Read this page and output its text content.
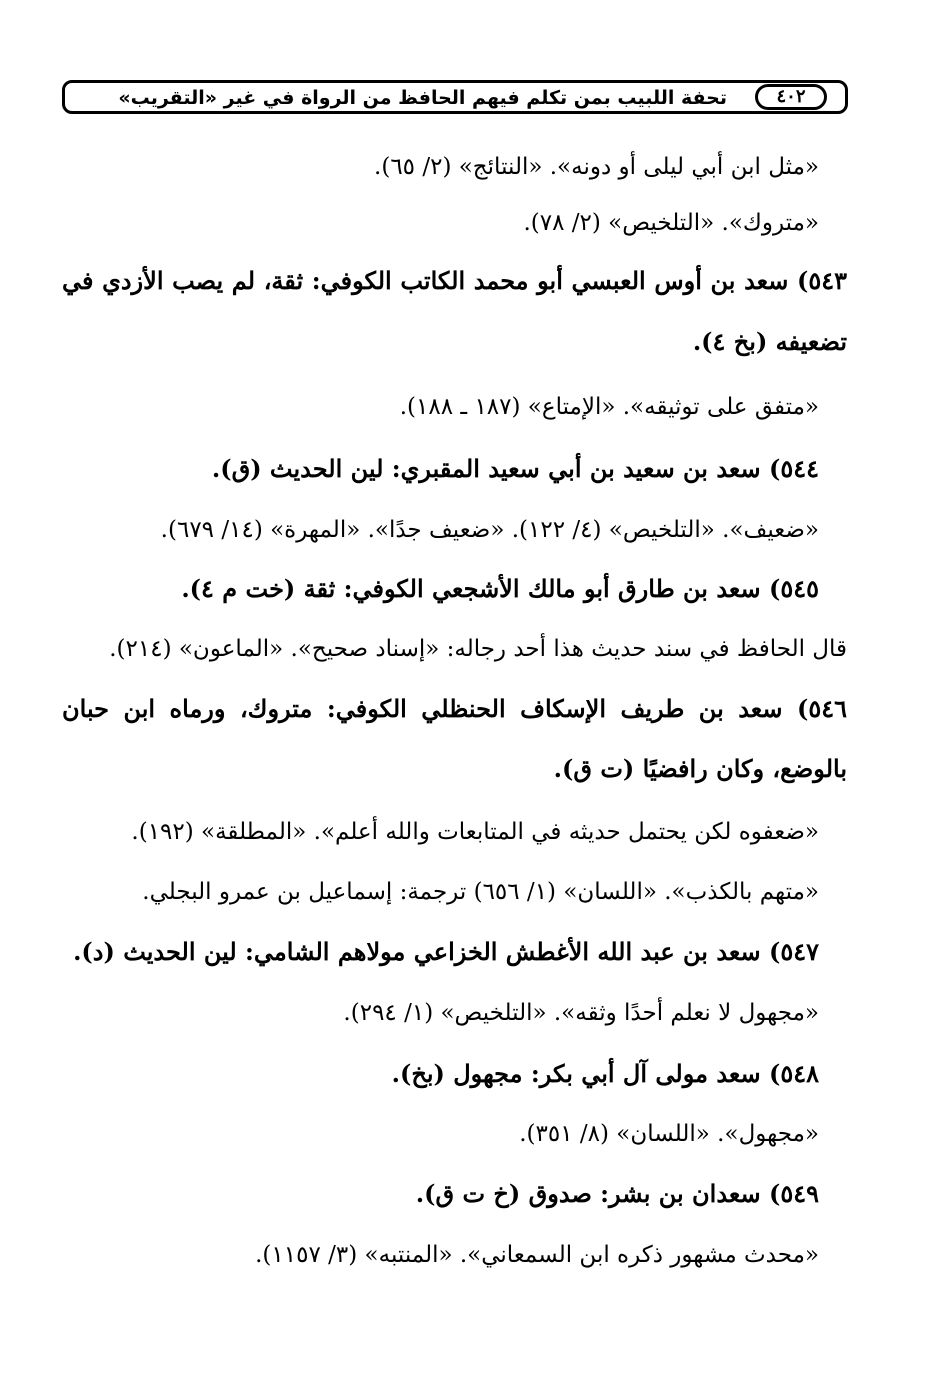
تحفة اللبيب بمن تكلم فيهم الحافظ من الرواة في غير «التقريب»	٤٠٢
«مثل ابن أبي ليلى أو دونه». «النتائج» (٢/ ٦٥).
«متروك». «التلخيص» (٢/ ٧٨).
٥٤٣) سعد بن أوس العبسي أبو محمد الكاتب الكوفي: ثقة، لم يصب الأزدي في
تضعيفه (بخ ٤).
«متفق على توثيقه». «الإمتاع» (١٨٧ ـ ١٨٨).
٥٤٤) سعد بن سعيد بن أبي سعيد المقبري: لين الحديث (ق).
«ضعيف». «التلخيص» (٤/ ١٢٢). «ضعيف جدًا». «المهرة» (١٤/ ٦٧٩).
٥٤٥) سعد بن طارق أبو مالك الأشجعي الكوفي: ثقة (خت م ٤).
قال الحافظ في سند حديث هذا أحد رجاله: «إسناد صحيح». «الماعون» (٢١٤).
٥٤٦) سعد بن طريف الإسكاف الحنظلي الكوفي: متروك، ورماه ابن حبان
بالوضع، وكان رافضيًا (ت ق).
«ضعفوه لكن يحتمل حديثه في المتابعات والله أعلم». «المطلقة» (١٩٢).
«متهم بالكذب». «اللسان» (١/ ٦٥٦) ترجمة: إسماعيل بن عمرو البجلي.
٥٤٧) سعد بن عبد الله الأغطش الخزاعي مولاهم الشامي: لين الحديث (د).
«مجهول لا نعلم أحدًا وثقه». «التلخيص» (١/ ٢٩٤).
٥٤٨) سعد مولى آل أبي بكر: مجهول (بخ).
«مجهول». «اللسان» (٨/ ٣٥١).
٥٤٩) سعدان بن بشر: صدوق (خ ت ق).
«محدث مشهور ذكره ابن السمعاني». «المنتبه» (٣/ ١١٥٧).
